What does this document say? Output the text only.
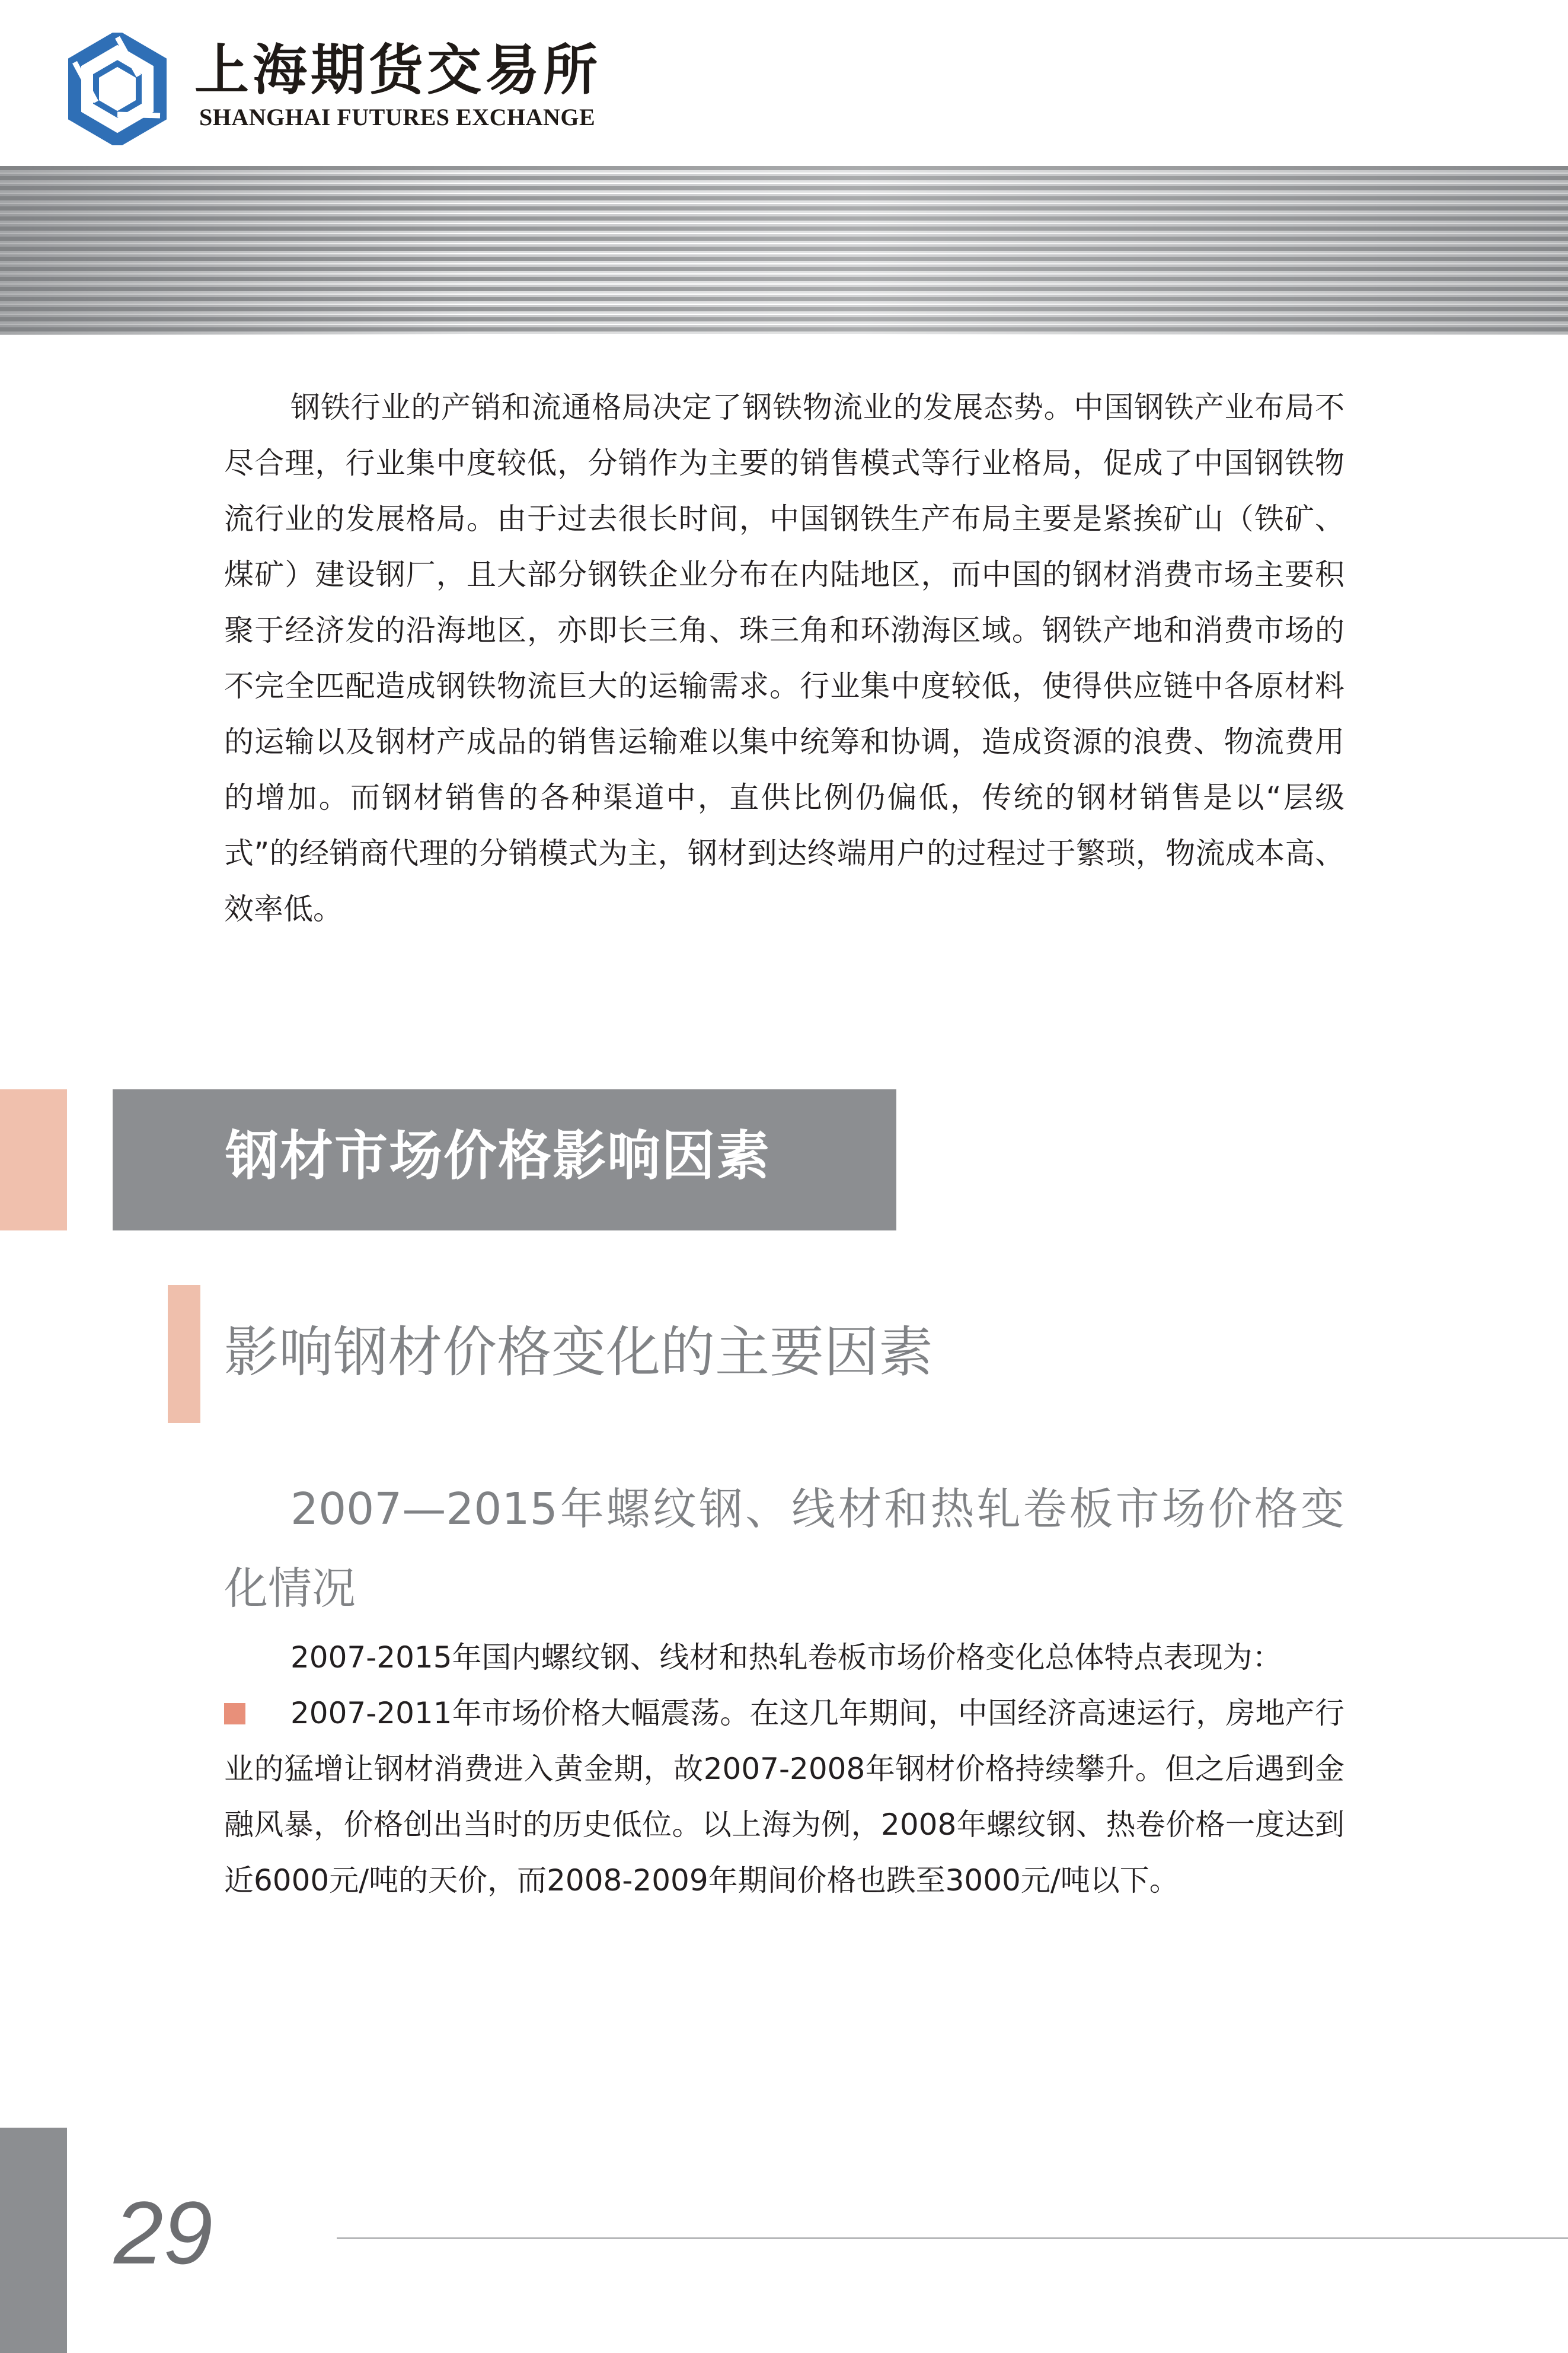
上海期货交易所
SHANGHAI FUTURES EXCHANGE

钢铁行业的产销和流通格局决定了钢铁物流业的发展态势。中国钢铁产业布局不尽合理，行业集中度较低，分销作为主要的销售模式等行业格局，促成了中国钢铁物流行业的发展格局。由于过去很长时间，中国钢铁生产布局主要是紧挨矿山（铁矿、煤矿）建设钢厂，且大部分钢铁企业分布在内陆地区，而中国的钢材消费市场主要积聚于经济发的沿海地区，亦即长三角、珠三角和环渤海区域。钢铁产地和消费市场的不完全匹配造成钢铁物流巨大的运输需求。行业集中度较低，使得供应链中各原材料的运输以及钢材产成品的销售运输难以集中统筹和协调，造成资源的浪费、物流费用的增加。而钢材销售的各种渠道中，直供比例仍偏低，传统的钢材销售是以“层级式”的经销商代理的分销模式为主，钢材到达终端用户的过程过于繁琐，物流成本高、效率低。

钢材市场价格影响因素
影响钢材价格变化的主要因素

2007—2015年螺纹钢、线材和热轧卷板市场价格变化情况

2007-2015年国内螺纹钢、线材和热轧卷板市场价格变化总体特点表现为：

2007-2011年市场价格大幅震荡。在这几年期间，中国经济高速运行，房地产行业的猛增让钢材消费进入黄金期，故2007-2008年钢材价格持续攀升。但之后遇到金融风暴，价格创出当时的历史低位。以上海为例，2008年螺纹钢、热卷价格一度达到近6000元/吨的天价，而2008-2009年期间价格也跌至3000元/吨以下。

29
